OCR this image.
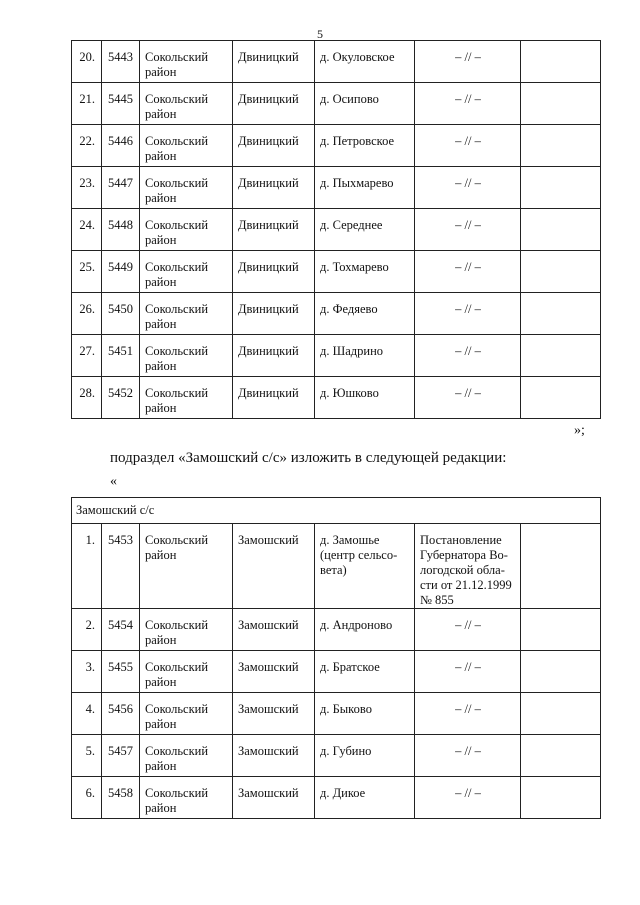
5
20.	5443	Сокольский район	Двиницкий	д. Окуловское	– // –	
21.	5445	Сокольский район	Двиницкий	д. Осипово	– // –	
22.	5446	Сокольский район	Двиницкий	д. Петровское	– // –	
23.	5447	Сокольский район	Двиницкий	д. Пыхмарево	– // –	
24.	5448	Сокольский район	Двиницкий	д. Середнее	– // –	
25.	5449	Сокольский район	Двиницкий	д. Тохмарево	– // –	
26.	5450	Сокольский район	Двиницкий	д. Федяево	– // –	
27.	5451	Сокольский район	Двиницкий	д. Шадрино	– // –	
28.	5452	Сокольский район	Двиницкий	д. Юшково	– // –	
»;
подраздел «Замошский с/с» изложить в следующей редакции:
«
Замошский с/с						
1.	5453	Сокольский район	Замошский	д. Замошье (центр сельсо-вета)	Постановление Губернатора Во-логодской обла-сти от 21.12.1999 № 855	
2.	5454	Сокольский район	Замошский	д. Андроново	– // –	
3.	5455	Сокольский район	Замошский	д. Братское	– // –	
4.	5456	Сокольский район	Замошский	д. Быково	– // –	
5.	5457	Сокольский район	Замошский	д. Губино	– // –	
6.	5458	Сокольский район	Замошский	д. Дикое	– // –	
